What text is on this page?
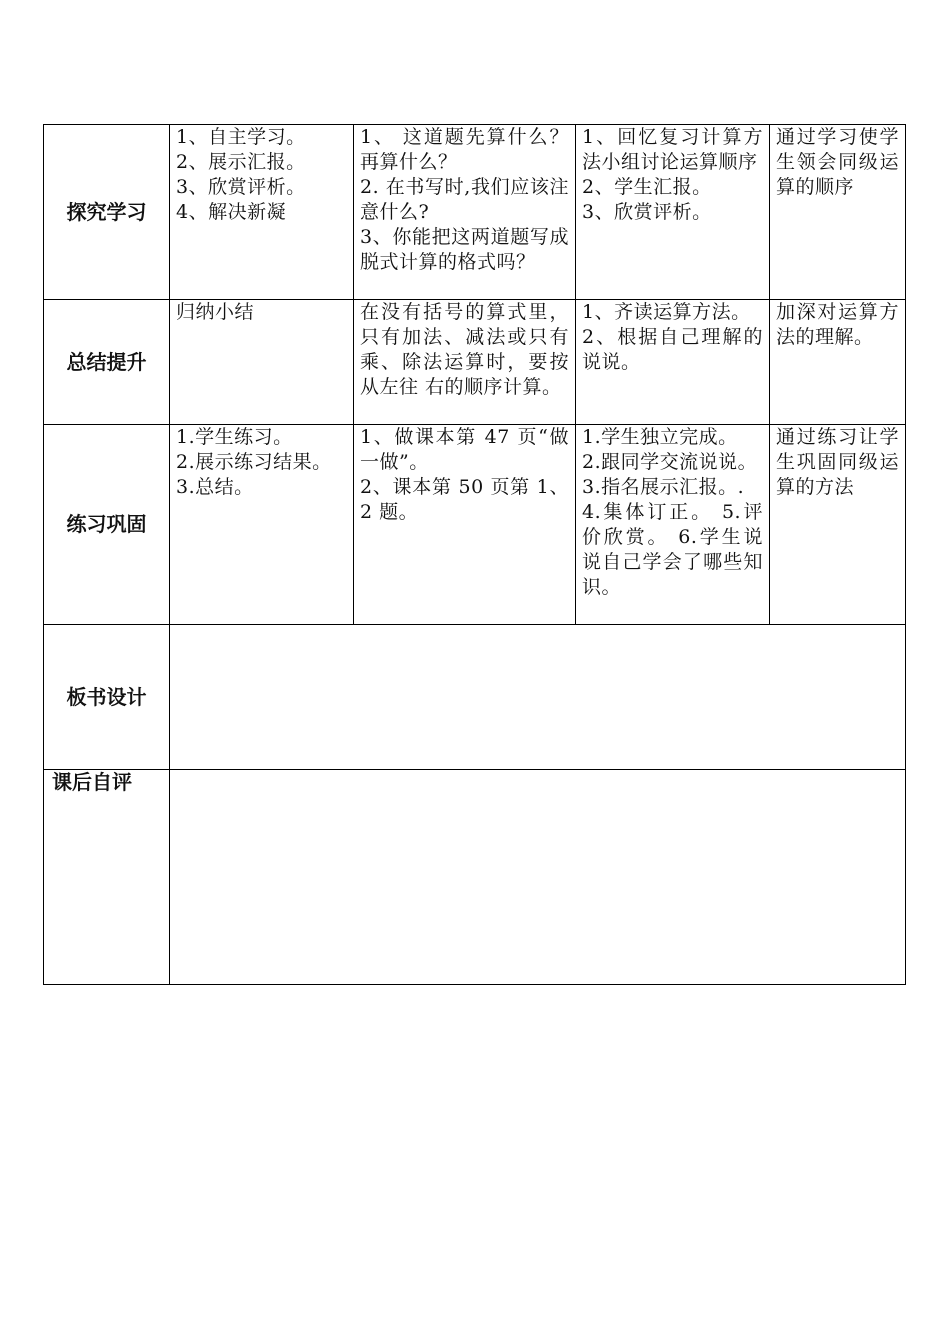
探究学习	1、自主学习。
2、展示汇报。
3、欣赏评析。
4、解决新凝	1、 这道题先算什么？再算什么？
2. 在书写时,我们应该注意什么?
3、你能把这两道题写成脱式计算的格式吗？	1、回忆复习计算方法小组讨论运算顺序
2、学生汇报。
3、欣赏评析。	通过学习使学生领会同级运算的顺序

总结提升	归纳小结	在没有括号的算式里，只有加法、减法或只有乘、除法运算时，要按从左往 右的顺序计算。	1、齐读运算方法。
2、根据自己理解的说说。	加深对运算方法的理解。

练习巩固	1.学生练习。
2.展示练习结果。
3.总结。	1、做课本第 47 页“做一做”。
2、课本第 50 页第 1、2 题。	1.学生独立完成。
2.跟同学交流说说。
3.指名展示汇报。.
4.集体订正。 5.评价欣赏。 6.学生说说自己学会了哪些知识。	通过练习让学生巩固同级运算的方法

板书设计				
课后自评				
